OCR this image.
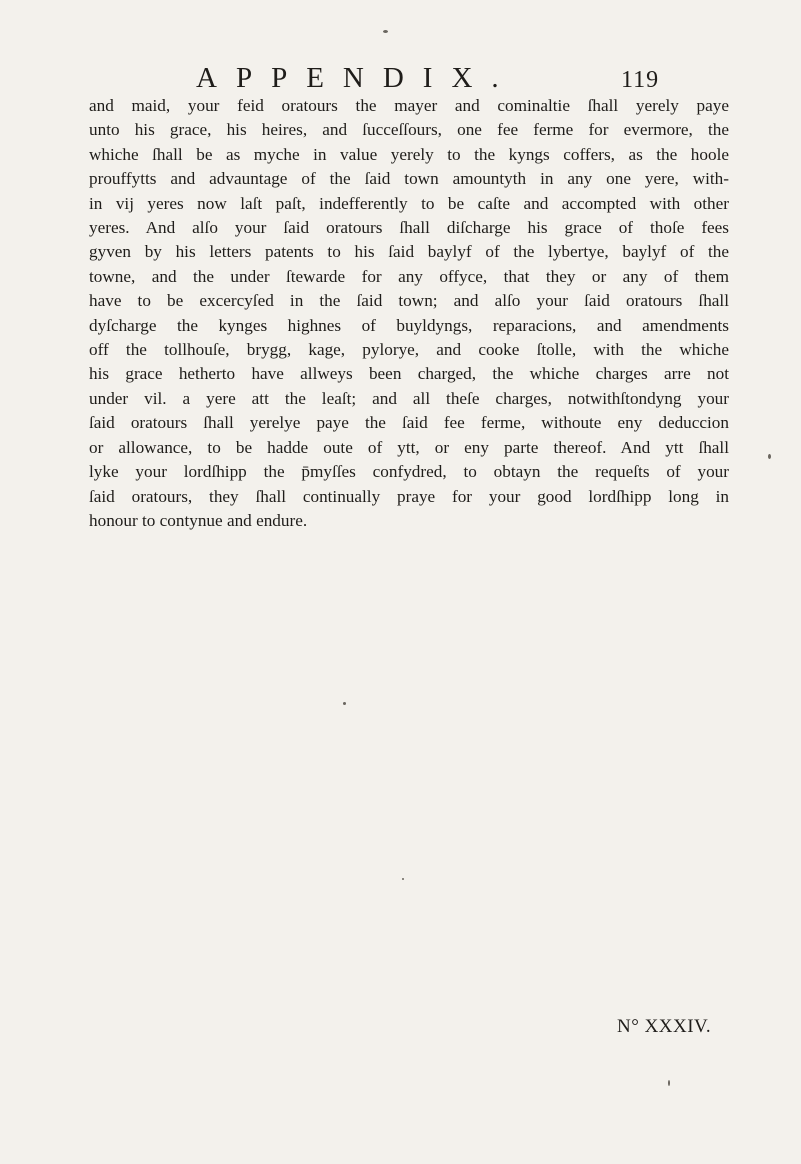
APPENDIX.	119
and maid, your feid oratours the mayer and cominaltie ſhall yerely paye
unto his grace, his heires, and ſucceſſours, one fee ferme for evermore, the
whiche ſhall be as myche in value yerely to the kyngs coffers, as the hoole
prouffytts and advauntage of the ſaid town amountyth in any one yere, with-
in vij yeres now laſt paſt, indefferently to be caſte and accompted with other
yeres. And alſo your ſaid oratours ſhall diſcharge his grace of thoſe fees
gyven by his letters patents to his ſaid baylyf of the lybertye, baylyf of the
towne, and the under ſtewarde for any offyce, that they or any of them
have to be excercyſed in the ſaid town; and alſo your ſaid oratours ſhall
dyſcharge the kynges highnes of buyldyngs, reparacions, and amendments
off the tollhouſe, brygg, kage, pylorye, and cooke ſtolle, with the whiche
his grace hetherto have allweys been charged, the whiche charges arre not
under vil. a yere att the leaſt; and all theſe charges, notwithſtondyng your
ſaid oratours ſhall yerelye paye the ſaid fee ferme, withoute eny deduccion
or allowance, to be hadde oute of ytt, or eny parte thereof. And ytt ſhall
lyke your lordſhipp the p̄myſſes confydred, to obtayn the requeſts of your
ſaid oratours, they ſhall continually praye for your good lordſhipp long in
honour to contynue and endure.
N° XXXIV.
